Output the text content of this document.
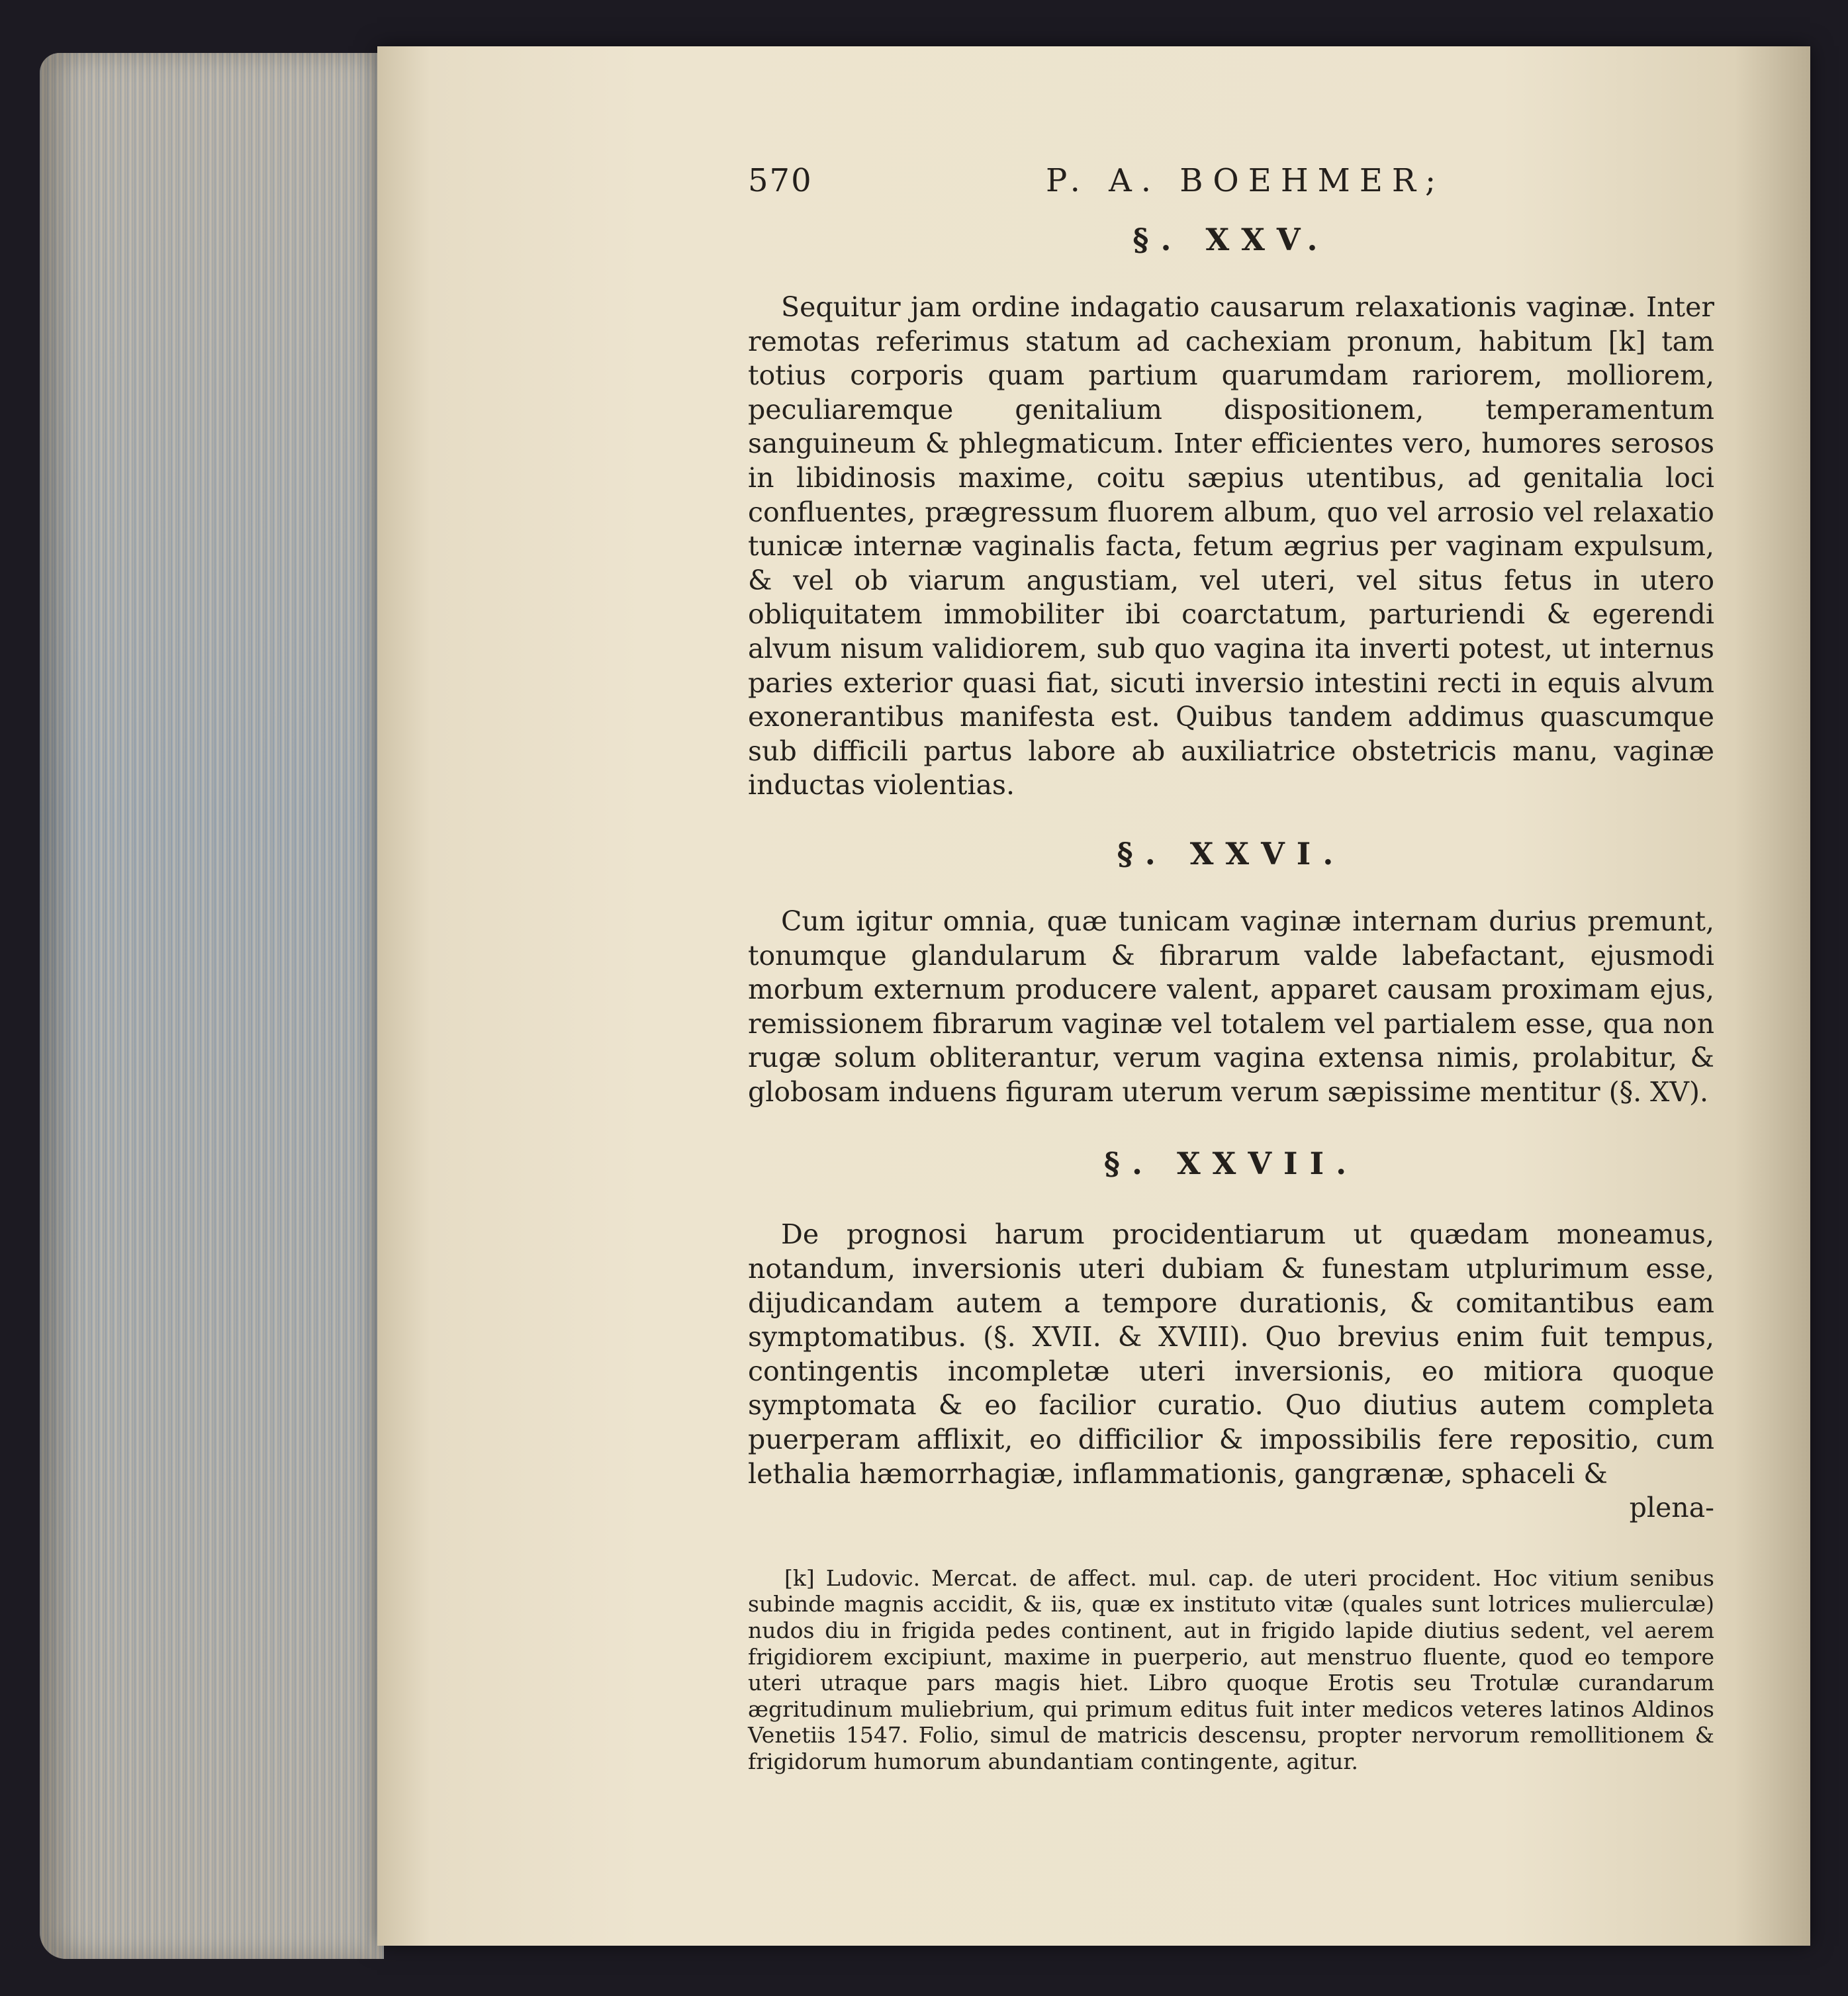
570	P. A. BOEHMER;
§. XXV.

Sequitur jam ordine indagatio causarum relaxationis vaginæ. Inter remotas referimus statum ad cachexiam pronum, habitum [k] tam totius corporis quam partium quarumdam rariorem, molliorem, peculiaremque genitalium dispositionem, temperamentum sanguineum & phlegmaticum. Inter efficientes vero, humores serosos in libidinosis maxime, coitu sæpius utentibus, ad genitalia loci confluentes, prægressum fluorem album, quo vel arrosio vel relaxatio tunicæ internæ vaginalis facta, fetum ægrius per vaginam expulsum, & vel ob viarum angustiam, vel uteri, vel situs fetus in utero obliquitatem immobiliter ibi coarctatum, parturiendi & egerendi alvum nisum validiorem, sub quo vagina ita inverti potest, ut internus paries exterior quasi fiat, sicuti inversio intestini recti in equis alvum exonerantibus manifesta est. Quibus tandem addimus quascumque sub difficili partus labore ab auxiliatrice obstetricis manu, vaginæ inductas violentias.

§. XXVI.

Cum igitur omnia, quæ tunicam vaginæ internam durius premunt, tonumque glandularum & fibrarum valde labefactant, ejusmodi morbum externum producere valent, apparet causam proximam ejus, remissionem fibrarum vaginæ vel totalem vel partialem esse, qua non rugæ solum obliterantur, verum vagina extensa nimis, prolabitur, & globosam induens figuram uterum verum sæpissime mentitur (§. XV).

§. XXVII.

De prognosi harum procidentiarum ut quædam moneamus, notandum, inversionis uteri dubiam & funestam utplurimum esse, dijudicandam autem a tempore durationis, & comitantibus eam symptomatibus. (§. XVII. & XVIII). Quo brevius enim fuit tempus, contingentis incompletæ uteri inversionis, eo mitiora quoque symptomata & eo facilior curatio. Quo diutius autem completa puerperam afflixit, eo difficilior & impossibilis fere repositio, cum lethalia hæmorrhagiæ, inflammationis, gangrænæ, sphaceli &

plena-

[k] Ludovic. Mercat. de affect. mul. cap. de uteri procident. Hoc vitium senibus subinde magnis accidit, & iis, quæ ex instituto vitæ (quales sunt lotrices mulierculæ) nudos diu in frigida pedes continent, aut in frigido lapide diutius sedent, vel aerem frigidiorem excipiunt, maxime in puerperio, aut menstruo fluente, quod eo tempore uteri utraque pars magis hiet. Libro quoque Erotis seu Trotulæ curandarum ægritudinum muliebrium, qui primum editus fuit inter medicos veteres latinos Aldinos Venetiis 1547. Folio, simul de matricis descensu, propter nervorum remollitionem & frigidorum humorum abundantiam contingente, agitur.
